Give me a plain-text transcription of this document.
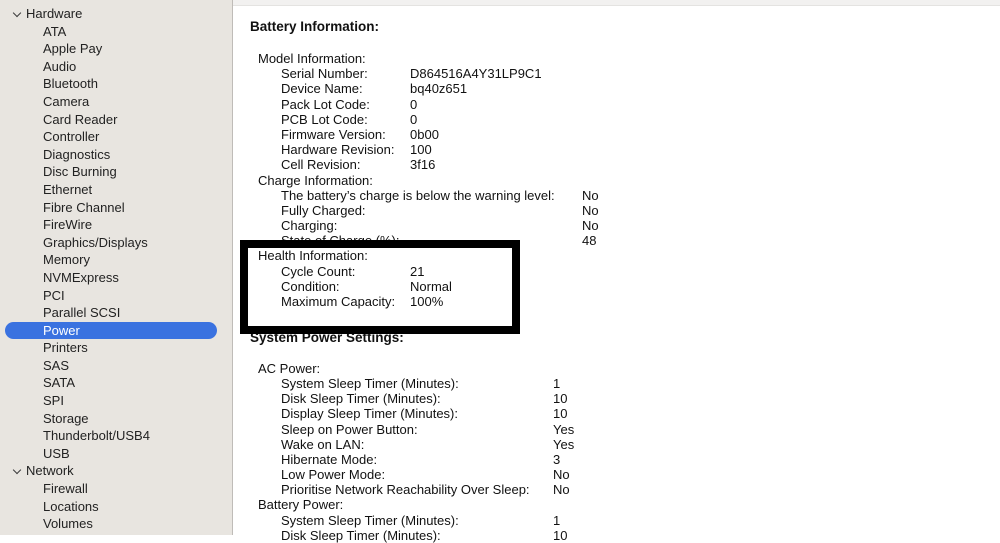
Hardware
ATA
Apple Pay
Audio
Bluetooth
Camera
Card Reader
Controller
Diagnostics
Disc Burning
Ethernet
Fibre Channel
FireWire
Graphics/Displays
Memory
NVMExpress
PCI
Parallel SCSI
Power
Printers
SAS
SATA
SPI
Storage
Thunderbolt/USB4
USB
Network
Firewall
Locations
Volumes
Battery Information:
Model Information:
Serial Number:	D864516A4Y31LP9C1
Device Name:	bq40z651
Pack Lot Code:	0
PCB Lot Code:	0
Firmware Version: 0b00
Hardware Revision: 100
Cell Revision:	3f16
Charge Information:
The battery’s charge is below the warning level: No
Fully Charged:	No
Charging:	No
State of Charge (%):	48
Health Information:
Cycle Count:	21
Condition:	Normal
Maximum Capacity: 100%
System Power Settings:
AC Power:
System Sleep Timer (Minutes):	1
Disk Sleep Timer (Minutes):	10
Display Sleep Timer (Minutes):	10
Sleep on Power Button:	Yes
Wake on LAN:	Yes
Hibernate Mode:	3
Low Power Mode:	No
Prioritise Network Reachability Over Sleep: No
Battery Power:
System Sleep Timer (Minutes):	1
Disk Sleep Timer (Minutes):	10
